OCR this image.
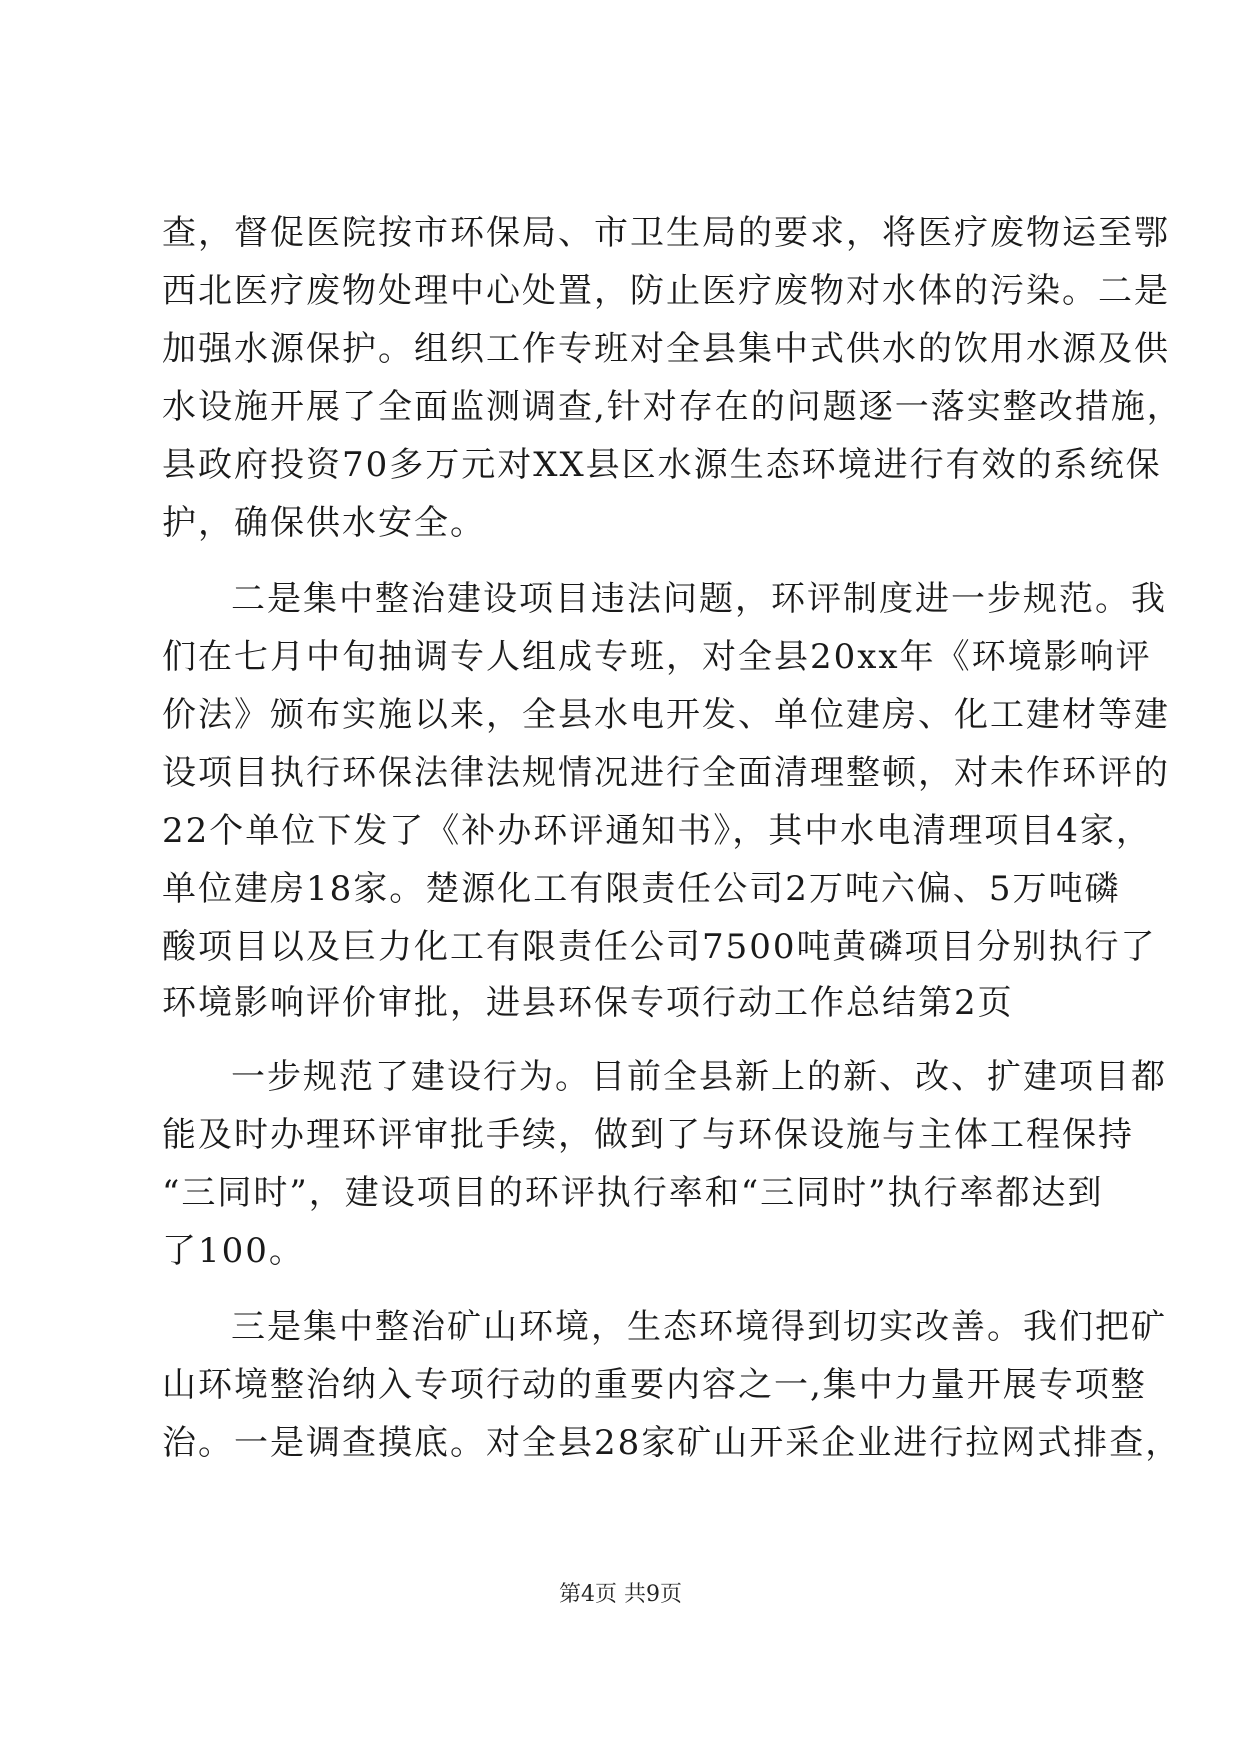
查，督促医院按市环保局、市卫生局的要求，将医疗废物运至鄂
西北医疗废物处理中心处置，防止医疗废物对水体的污染。二是
加强水源保护。组织工作专班对全县集中式供水的饮用水源及供
水设施开展了全面监测调查,针对存在的问题逐一落实整改措施，
县政府投资70多万元对XX县区水源生态环境进行有效的系统保
护，确保供水安全。
二是集中整治建设项目违法问题，环评制度进一步规范。我
们在七月中旬抽调专人组成专班，对全县20xx年《环境影响评
价法》颁布实施以来，全县水电开发、单位建房、化工建材等建
设项目执行环保法律法规情况进行全面清理整顿，对未作环评的
22个单位下发了《补办环评通知书》，其中水电清理项目4家，
单位建房18家。楚源化工有限责任公司2万吨六偏、5万吨磷
酸项目以及巨力化工有限责任公司7500吨黄磷项目分别执行了
环境影响评价审批，进县环保专项行动工作总结第2页
一步规范了建设行为。目前全县新上的新、改、扩建项目都
能及时办理环评审批手续，做到了与环保设施与主体工程保持
“三同时”，建设项目的环评执行率和“三同时”执行率都达到
了100。
三是集中整治矿山环境，生态环境得到切实改善。我们把矿
山环境整治纳入专项行动的重要内容之一,集中力量开展专项整
治。一是调查摸底。对全县28家矿山开采企业进行拉网式排查，
第4页 共9页
